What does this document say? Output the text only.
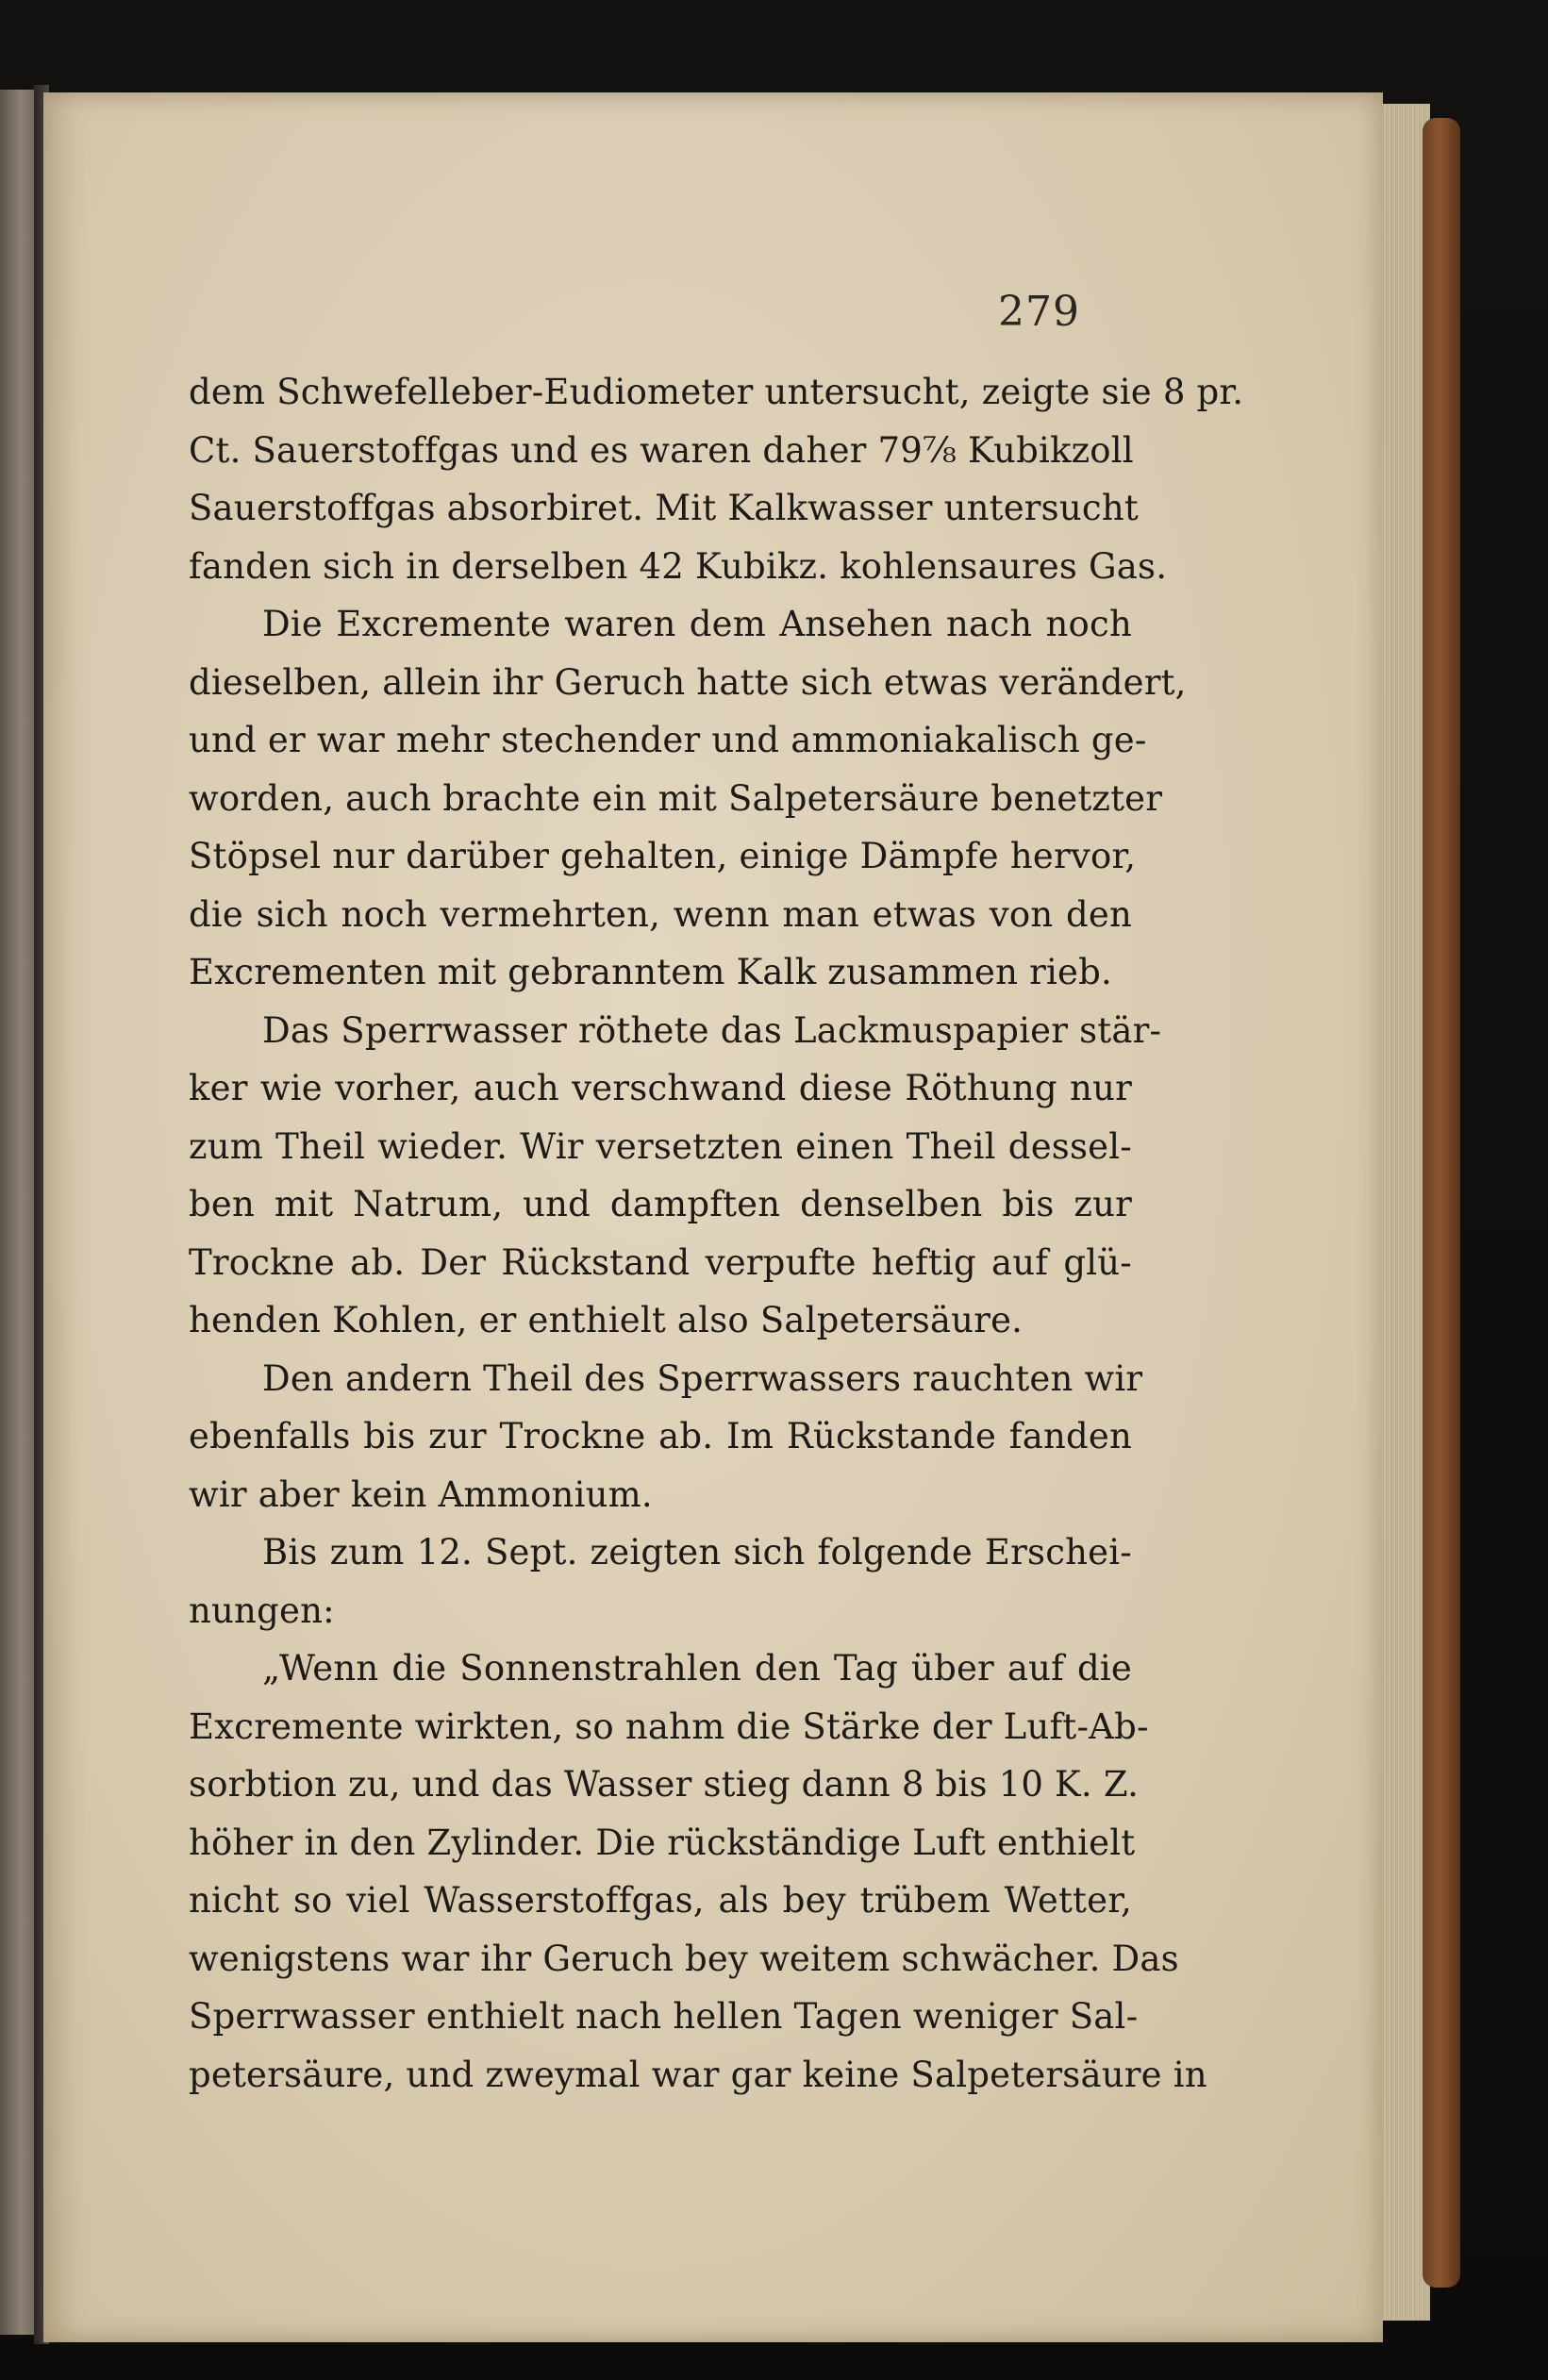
279

dem Schwefelleber-Eudiometer untersucht, zeigte sie 8 pr.
Ct. Sauerstoffgas und es waren daher 79⅞ Kubikzoll
Sauerstoffgas absorbiret. Mit Kalkwasser untersucht
fanden sich in derselben 42 Kubikz. kohlensaures Gas.
Die Excremente waren dem Ansehen nach noch
dieselben, allein ihr Geruch hatte sich etwas verändert,
und er war mehr stechender und ammoniakalisch ge-
worden, auch brachte ein mit Salpetersäure benetzter
Stöpsel nur darüber gehalten, einige Dämpfe hervor,
die sich noch vermehrten, wenn man etwas von den
Excrementen mit gebranntem Kalk zusammen rieb.
Das Sperrwasser röthete das Lackmuspapier stär-
ker wie vorher, auch verschwand diese Röthung nur
zum Theil wieder. Wir versetzten einen Theil dessel-
ben mit Natrum, und dampften denselben bis zur
Trockne ab. Der Rückstand verpufte heftig auf glü-
henden Kohlen, er enthielt also Salpetersäure.
Den andern Theil des Sperrwassers rauchten wir
ebenfalls bis zur Trockne ab. Im Rückstande fanden
wir aber kein Ammonium.
Bis zum 12. Sept. zeigten sich folgende Erschei-
nungen:
„Wenn die Sonnenstrahlen den Tag über auf die
Excremente wirkten, so nahm die Stärke der Luft-Ab-
sorbtion zu, und das Wasser stieg dann 8 bis 10 K. Z.
höher in den Zylinder. Die rückständige Luft enthielt
nicht so viel Wasserstoffgas, als bey trübem Wetter,
wenigstens war ihr Geruch bey weitem schwächer. Das
Sperrwasser enthielt nach hellen Tagen weniger Sal-
petersäure, und zweymal war gar keine Salpetersäure in
